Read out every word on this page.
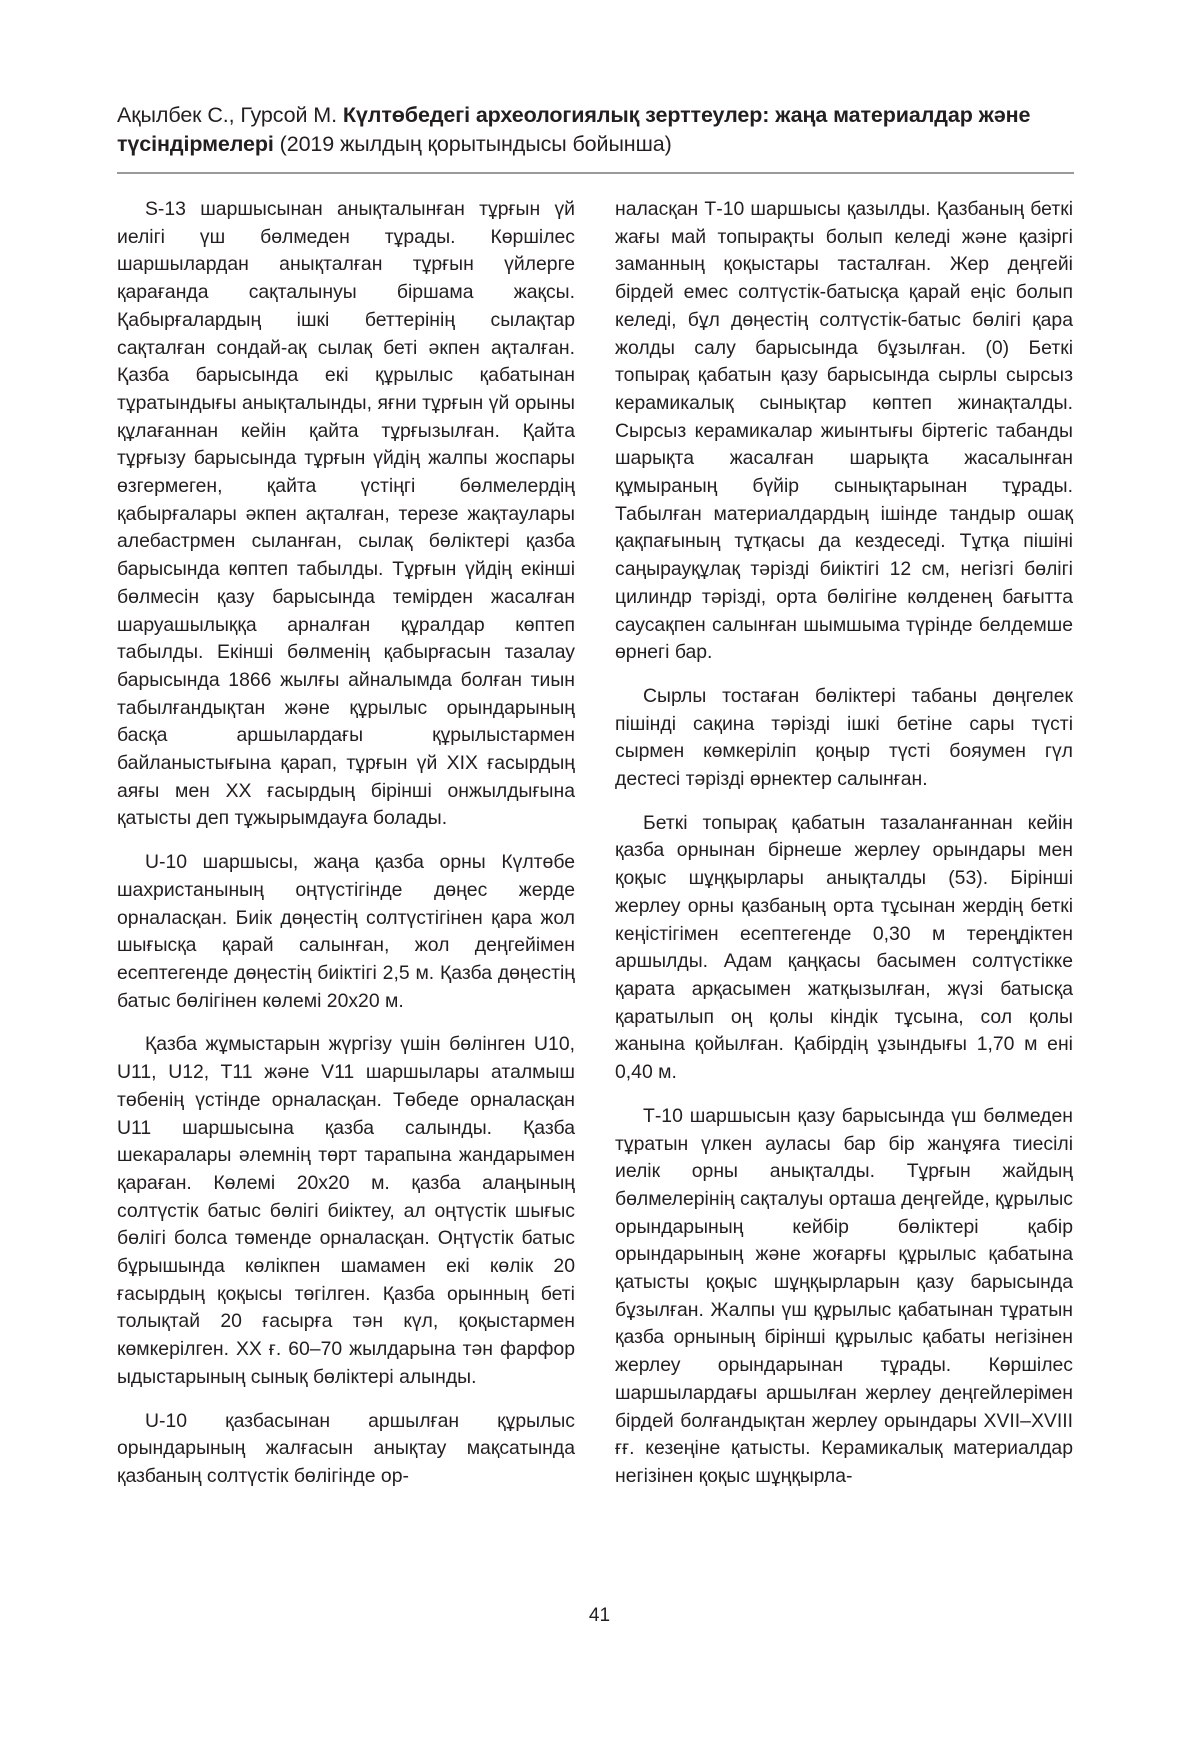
Ақылбек С., Гурсой М. Күлтөбедегі археологиялық зерттеулер: жаңа материалдар және түсіндірмелері (2019 жылдың қорытындысы бойынша)

S-13 шаршысынан анықталынған тұрғын үй иелігі үш бөлмеден тұрады. Көршілес шаршылардан анықталған тұрғын үйлерге қарағанда сақталынуы біршама жақсы. Қабырғалардың ішкі беттерінің сылақтар сақталған сондай-ақ сылақ беті әкпен ақталған. Қазба барысында екі құрылыс қабатынан тұратындығы анықталынды, яғни тұрғын үй орыны құлағаннан кейін қайта тұрғызылған. Қайта тұрғызу барысында тұрғын үйдің жалпы жоспары өзгермеген, қайта үстіңгі бөлмелердің қабырғалары әкпен ақталған, терезе жақтаулары алебастрмен сыланған, сылақ бөліктері қазба барысында көптеп табылды. Тұрғын үйдің екінші бөлмесін қазу барысында темірден жасалған шаруашылыққа арналған құралдар көптеп табылды. Екінші бөлменің қабырғасын тазалау барысында 1866 жылғы айналымда болған тиын табылғандықтан және құрылыс орындарының басқа аршылардағы құрылыстармен байланыстығына қарап, тұрғын үй XIX ғасырдың аяғы мен XX ғасырдың бірінші онжылдығына қатысты деп тұжырымдауға болады.

U-10 шаршысы, жаңа қазба орны Күлтөбе шахристанының оңтүстігінде дөңес жерде орналасқан. Биік дөңестің солтүстігінен қара жол шығысқа қарай салынған, жол деңгейімен есептегенде дөңестің биіктігі 2,5 м. Қазба дөңестің батыс бөлігінен көлемі 20х20 м.

Қазба жұмыстарын жүргізу үшін бөлінген U10, U11, U12, T11 және V11 шаршылары аталмыш төбенің үстінде орналасқан. Төбеде орналасқан U11 шаршысына қазба салынды. Қазба шекаралары әлемнің төрт тарапына жандарымен қараған. Көлемі 20х20 м. қазба алаңының солтүстік батыс бөлігі биіктеу, ал оңтүстік шығыс бөлігі болса төменде орналасқан. Оңтүстік батыс бұрышында көлікпен шамамен екі көлік 20 ғасырдың қоқысы төгілген. Қазба орынның беті толықтай 20 ғасырға тән күл, қоқыстармен көмкерілген. XX ғ. 60–70 жылдарына тән фарфор ыдыстарының сынық бөліктері алынды.

U-10 қазбасынан аршылған құрылыс орындарының жалғасын анықтау мақсатында қазбаның солтүстік бөлігінде ор-

наласқан Т-10 шаршысы қазылды. Қазбаның беткі жағы май топырақты болып келеді және қазіргі заманның қоқыстары тасталған. Жер деңгейі бірдей емес солтүстік-батысқа қарай еңіс болып келеді, бұл дөңестің солтүстік-батыс бөлігі қара жолды салу барысында бұзылған. (0) Беткі топырақ қабатын қазу барысында сырлы сырсыз керамикалық сынықтар көптеп жинақталды. Сырсыз керамикалар жиынтығы біртегіс табанды шарықта жасалған шарықта жасалынған құмыраның бүйір сынықтарынан тұрады. Табылған материалдардың ішінде тандыр ошақ қақпағының тұтқасы да кездеседі. Тұтқа пішіні саңырауқұлақ тәрізді биіктігі 12 см, негізгі бөлігі цилиндр тәрізді, орта бөлігіне көлденең бағытта саусақпен салынған шымшыма түрінде белдемше өрнегі бар.

Сырлы тостаған бөліктері табаны дөңгелек пішінді сақина тәрізді ішкі бетіне сары түсті сырмен көмкеріліп қоңыр түсті бояумен гүл дестесі тәрізді өрнектер салынған.

Беткі топырақ қабатын тазаланғаннан кейін қазба орнынан бірнеше жерлеу орындары мен қоқыс шұңқырлары анықталды (53). Бірінші жерлеу орны қазбаның орта тұсынан жердің беткі кеңістігімен есептегенде 0,30 м тереңдіктен аршылды. Адам қаңқасы басымен солтүстікке қарата арқасымен жатқызылған, жүзі батысқа қаратылып оң қолы кіндік тұсына, сол қолы жанына қойылған. Қабірдің ұзындығы 1,70 м ені 0,40 м.

Т-10 шаршысын қазу барысында үш бөлмеден тұратын үлкен ауласы бар бір жанұяға тиесілі иелік орны анықталды. Тұрғын жайдың бөлмелерінің сақталуы орташа деңгейде, құрылыс орындарының кейбір бөліктері қабір орындарының және жоғарғы құрылыс қабатына қатысты қоқыс шұңқырларын қазу барысында бұзылған. Жалпы үш құрылыс қабатынан тұратын қазба орнының бірінші құрылыс қабаты негізінен жерлеу орындарынан тұрады. Көршілес шаршылардағы аршылған жерлеу деңгейлерімен бірдей болғандықтан жерлеу орындары XVII–XVIII ғғ. кезеңіне қатысты. Керамикалық материалдар негізінен қоқыс шұңқырла-

41
